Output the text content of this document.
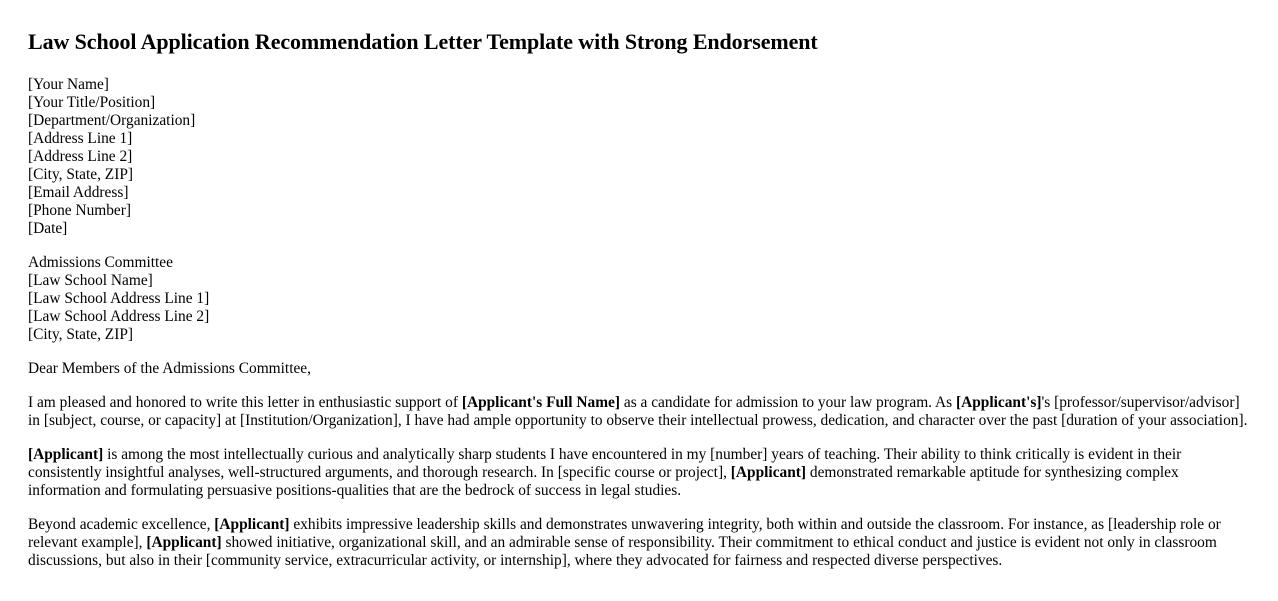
Law School Application Recommendation Letter Template with Strong Endorsement
[Your Name]
[Your Title/Position]
[Department/Organization]
[Address Line 1]
[Address Line 2]
[City, State, ZIP]
[Email Address]
[Phone Number]
[Date]
Admissions Committee
[Law School Name]
[Law School Address Line 1]
[Law School Address Line 2]
[City, State, ZIP]

Dear Members of the Admissions Committee,

I am pleased and honored to write this letter in enthusiastic support of [Applicant's Full Name] as a candidate for admission to your law program. As [Applicant's]'s [professor/supervisor/advisor] in [subject, course, or capacity] at [Institution/Organization], I have had ample opportunity to observe their intellectual prowess, dedication, and character over the past [duration of your association].

[Applicant] is among the most intellectually curious and analytically sharp students I have encountered in my [number] years of teaching. Their ability to think critically is evident in their consistently insightful analyses, well-structured arguments, and thorough research. In [specific course or project], [Applicant] demonstrated remarkable aptitude for synthesizing complex information and formulating persuasive positions-qualities that are the bedrock of success in legal studies.

Beyond academic excellence, [Applicant] exhibits impressive leadership skills and demonstrates unwavering integrity, both within and outside the classroom. For instance, as [leadership role or relevant example], [Applicant] showed initiative, organizational skill, and an admirable sense of responsibility. Their commitment to ethical conduct and justice is evident not only in classroom discussions, but also in their [community service, extracurricular activity, or internship], where they advocated for fairness and respected diverse perspectives.
